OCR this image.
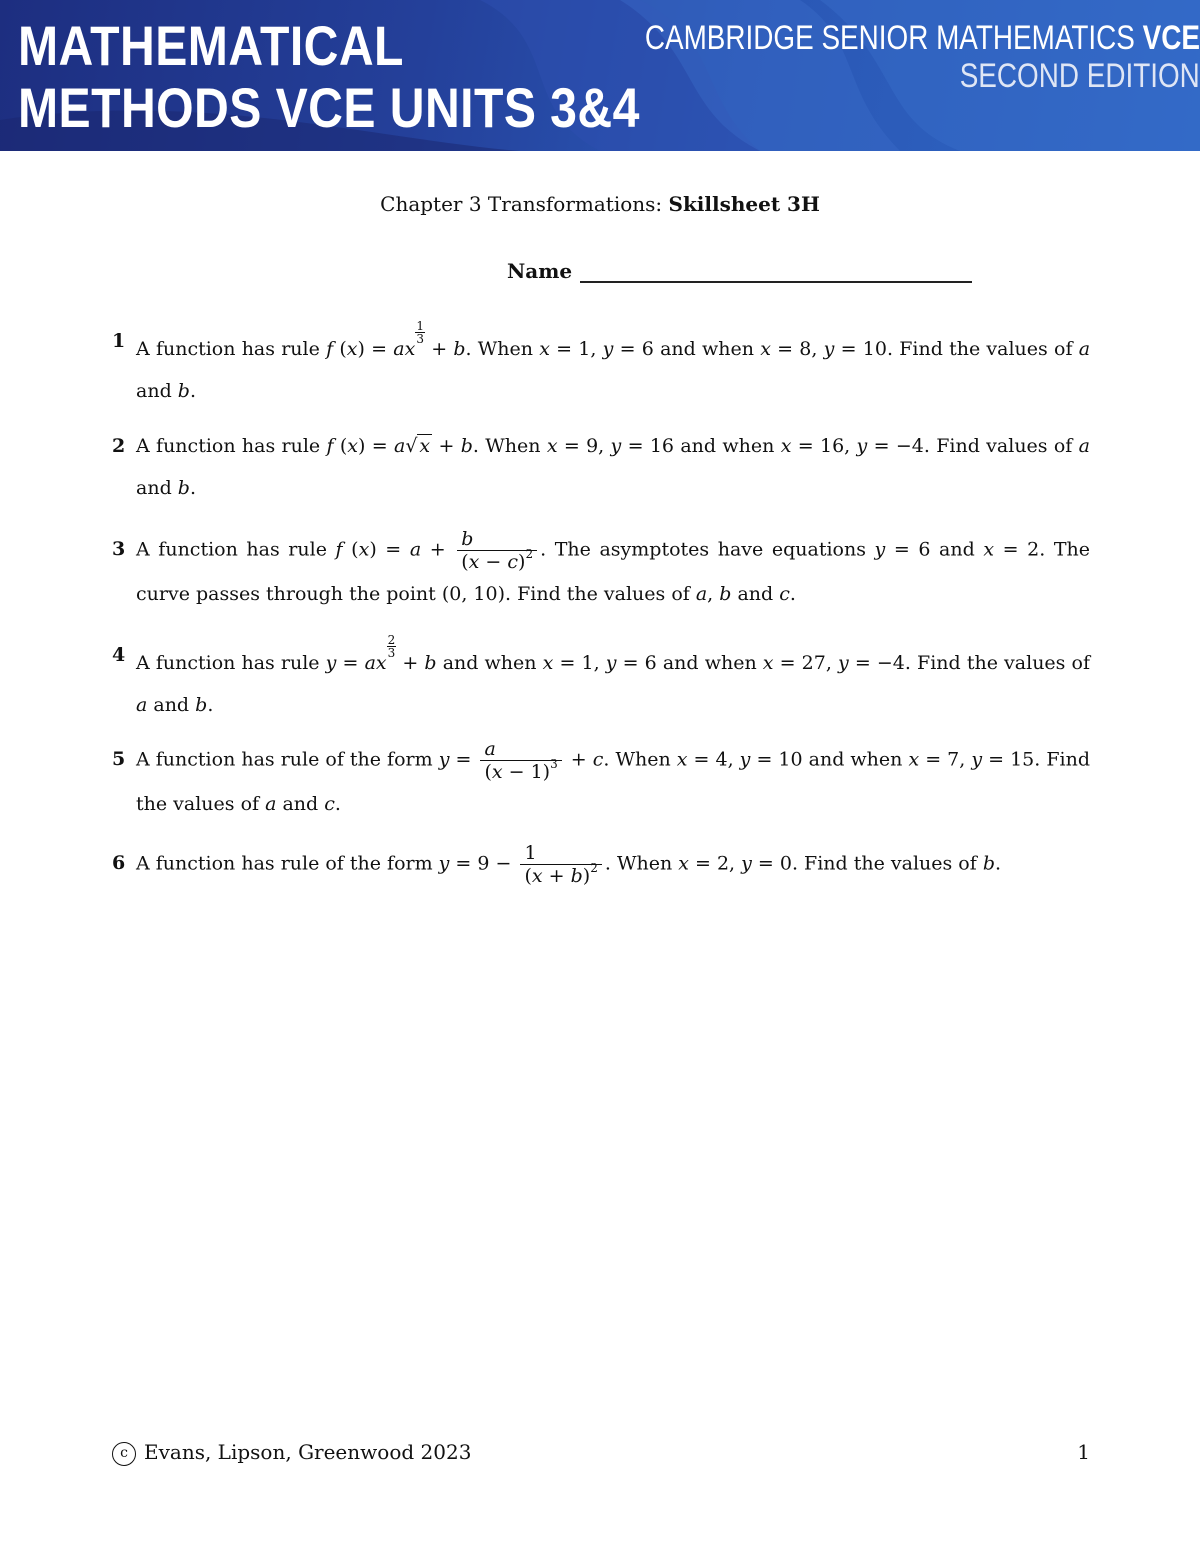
MATHEMATICAL
METHODS VCE UNITS 3&4
CAMBRIDGE SENIOR MATHEMATICS VCE
SECOND EDITION
Chapter 3 Transformations: Skillsheet 3H
Name
1 A function has rule f (x) = ax
$\frac{1}{3}$
+ b. When x = 1, y = 6 and when x = 8, y = 10. Find the values of a and b.
2 A function has rule f (x) = a√ x + b. When x = 9, y = 16 and when x = 16, y = −4. Find values of a and b.
3 A function has rule f $(x) = a + \frac{b}{(x - c)^2}$ . The asymptotes have equations y = 6 and x = 2. The curve passes through the point (0, 10). Find the values of a, b and c.
4 A function has rule y = ax
$\frac{2}{3}$
+ b and when x = 1, y = 6 and when x = 27, y = −4. Find the values of a and b.
5 A function has rule of the form $y = \frac{a}{(x - 1)^3} + c$. When x = 4, y = 10 and when x = 7, y = 15. Find the values of a and c.
6 A function has rule of the form $y = 9 - \frac{1}{(x + b)^2}$ . When x = 2, y = 0. Find the values of b.
c Evans, Lipson, Greenwood 2023	1
